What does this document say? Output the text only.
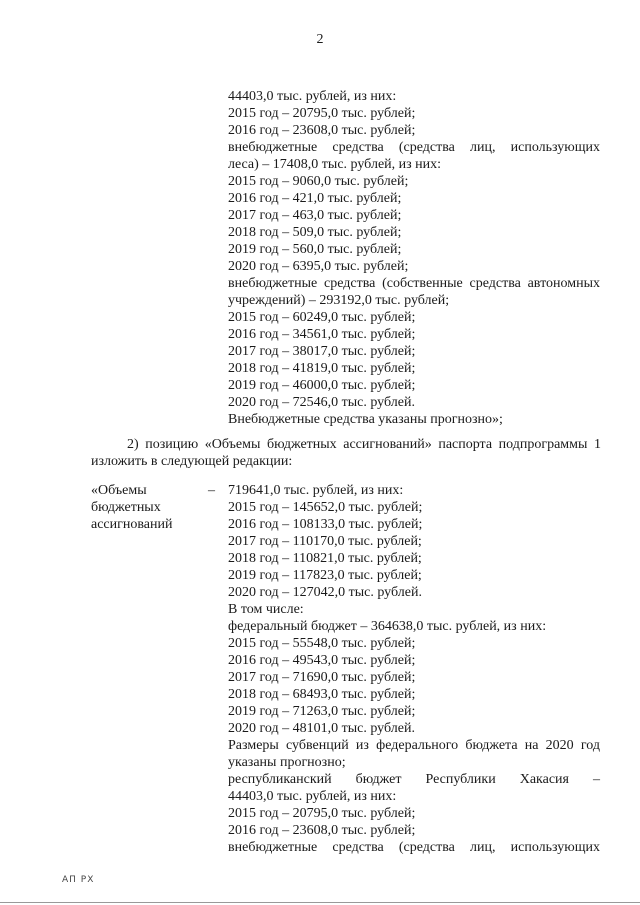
2
44403,0 тыс. рублей, из них:
2015 год – 20795,0 тыс. рублей;
2016 год – 23608,0 тыс. рублей;
внебюджетные средства (средства лиц, использующих
леса) – 17408,0 тыс. рублей, из них:
2015 год – 9060,0 тыс. рублей;
2016 год – 421,0 тыс. рублей;
2017 год – 463,0 тыс. рублей;
2018 год – 509,0 тыс. рублей;
2019 год – 560,0 тыс. рублей;
2020 год – 6395,0 тыс. рублей;
внебюджетные средства (собственные средства автономных
учреждений) – 293192,0 тыс. рублей;
2015 год – 60249,0 тыс. рублей;
2016 год – 34561,0 тыс. рублей;
2017 год – 38017,0 тыс. рублей;
2018 год – 41819,0 тыс. рублей;
2019 год – 46000,0 тыс. рублей;
2020 год – 72546,0 тыс. рублей.
Внебюджетные средства указаны прогнозно»;
2) позицию «Объемы бюджетных ассигнований» паспорта подпрограммы 1
изложить в следующей редакции:
«Объемы
бюджетных
ассигнований
– 719641,0 тыс. рублей, из них:
2015 год – 145652,0 тыс. рублей;
2016 год – 108133,0 тыс. рублей;
2017 год – 110170,0 тыс. рублей;
2018 год – 110821,0 тыс. рублей;
2019 год – 117823,0 тыс. рублей;
2020 год – 127042,0 тыс. рублей.
В том числе:
федеральный бюджет – 364638,0 тыс. рублей, из них:
2015 год – 55548,0 тыс. рублей;
2016 год – 49543,0 тыс. рублей;
2017 год – 71690,0 тыс. рублей;
2018 год – 68493,0 тыс. рублей;
2019 год – 71263,0 тыс. рублей;
2020 год – 48101,0 тыс. рублей.
Размеры субвенций из федерального бюджета на 2020 год
указаны прогнозно;
республиканский бюджет Республики Хакасия –
44403,0 тыс. рублей, из них:
2015 год – 20795,0 тыс. рублей;
2016 год – 23608,0 тыс. рублей;
внебюджетные средства (средства лиц, использующих
АП РХ
